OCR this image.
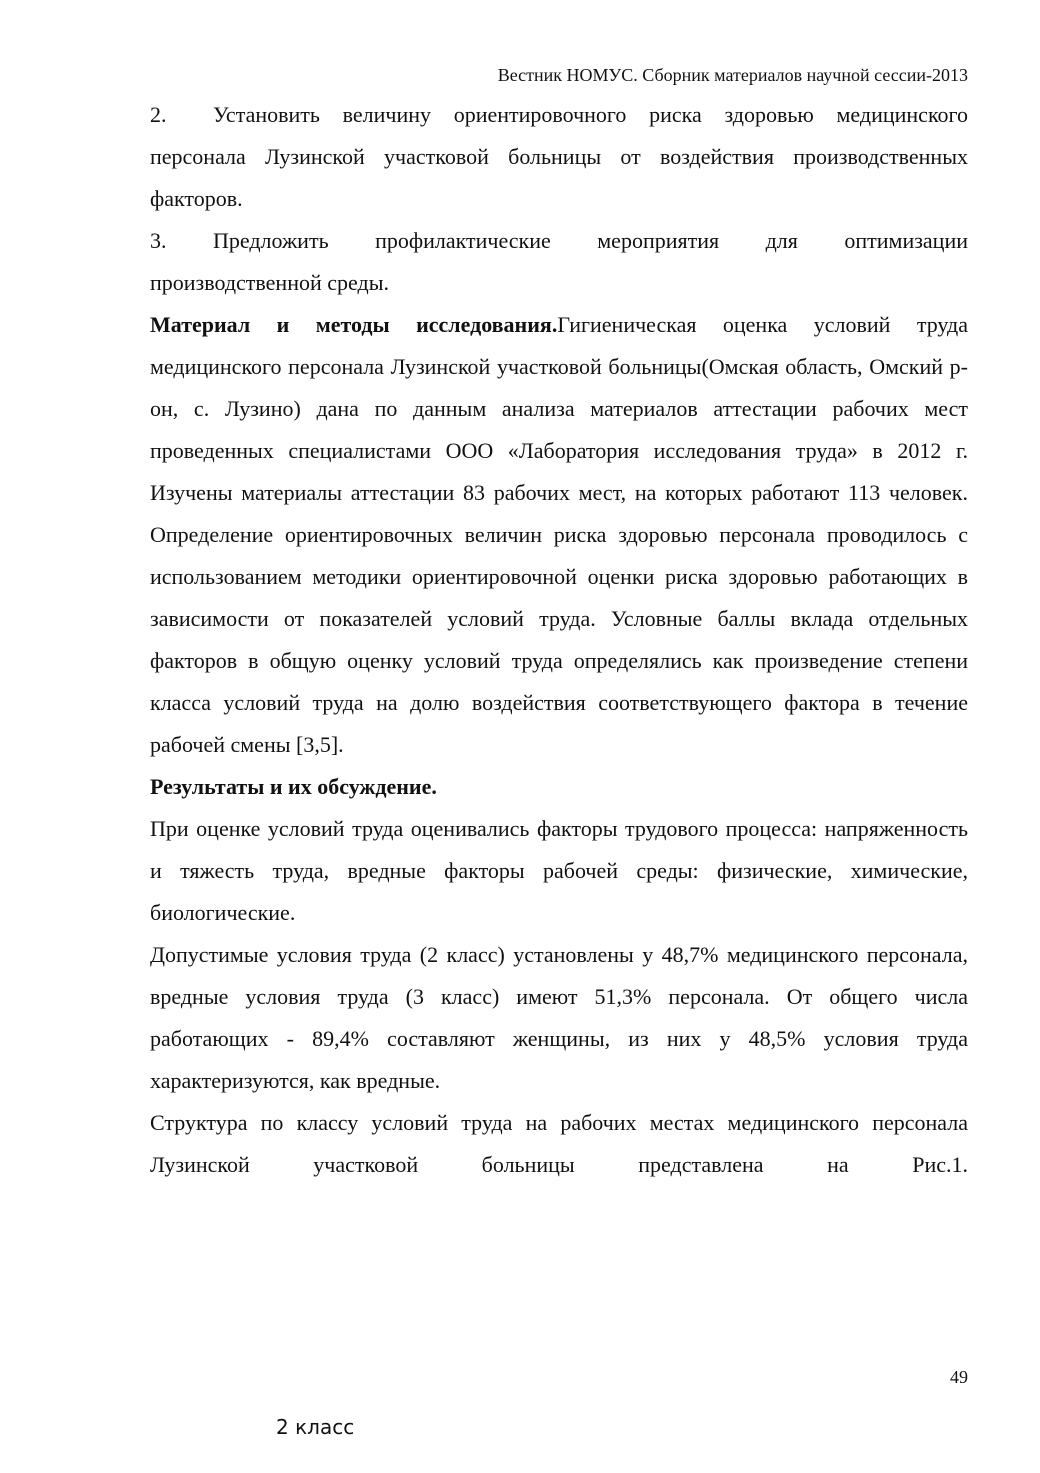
Вестник НОМУС. Сборник материалов научной сессии-2013

2. Установить величину ориентировочного риска здоровью медицинского персонала Лузинской участковой больницы от воздействия производственных факторов.

3. Предложить профилактические мероприятия для оптимизации производственной среды.

Материал и методы исследования.Гигиеническая оценка условий труда медицинского персонала Лузинской участковой больницы(Омская область, Омский р-он, с. Лузино) дана по данным анализа материалов аттестации рабочих мест проведенных специалистами ООО «Лаборатория исследования труда» в 2012 г. Изучены материалы аттестации 83 рабочих мест, на которых работают 113 человек. Определение ориентировочных величин риска здоровью персонала проводилось с использованием методики ориентировочной оценки риска здоровью работающих в зависимости от показателей условий труда. Условные баллы вклада отдельных факторов в общую оценку условий труда определялись как произведение степени класса условий труда на долю воздействия соответствующего фактора в течение рабочей смены [3,5].

Результаты и их обсуждение.

При оценке условий труда оценивались факторы трудового процесса: напряженность и тяжесть труда, вредные факторы рабочей среды: физические, химические, биологические.

Допустимые условия труда (2 класс) установлены у 48,7% медицинского персонала, вредные условия труда (3 класс) имеют 51,3% персонала. От общего числа работающих - 89,4% составляют женщины, из них у 48,5% условия труда характеризуются, как вредные.

Структура по классу условий труда на рабочих местах медицинского персонала Лузинской участковой больницы представлена на Рис.1.

49
2 класс
